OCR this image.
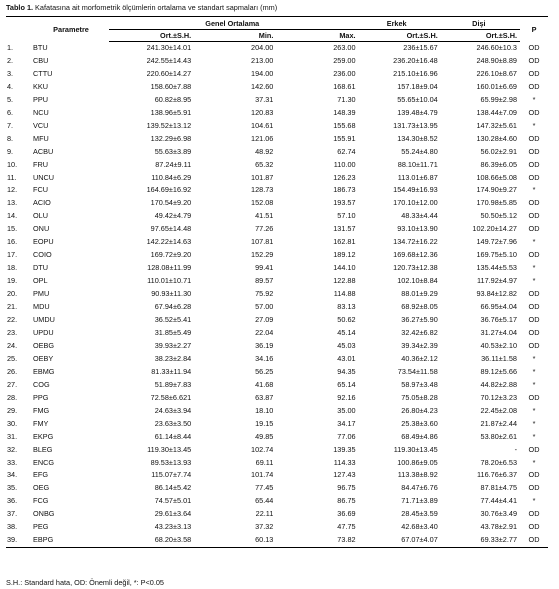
Tablo 1. Kafatasına ait morfometrik ölçümlerin ortalama ve standart sapmaları (mm)
	Parametre	Genel Ortalama			Erkek	Dişi	P
		Ort.±S.H.	Min.	Max.	Ort.±S.H.	Ort.±S.H.	
1.	BTU	241.30±14.01	204.00	263.00	236±15.67	246.60±10.3	OD
2.	CBU	242.55±14.43	213.00	259.00	236.20±16.48	248.90±8.89	OD
3.	CTTU	220.60±14.27	194.00	236.00	215.10±16.96	226.10±8.67	OD
4.	KKU	158.60±7.88	142.60	168.61	157.18±9.04	160.01±6.69	OD
5.	PPU	60.82±8.95	37.31	71.30	55.65±10.04	65.99±2.98	*
6.	NCU	138.96±5.91	120.83	148.39	139.48±4.79	138.44±7.09	OD
7.	VCU	139.52±13.12	104.61	155.68	131.73±13.95	147.32±5.61	*
8.	MFU	132.29±6.98	121.06	155.91	134.30±8.52	130.28±4.60	OD
9.	ACBU	55.63±3.89	48.92	62.74	55.24±4.80	56.02±2.91	OD
10.	FRU	87.24±9.11	65.32	110.00	88.10±11.71	86.39±6.05	OD
11.	UNCU	110.84±6.29	101.87	126.23	113.01±6.87	108.66±5.08	OD
12.	FCU	164.69±16.92	128.73	186.73	154.49±16.93	174.90±9.27	*
13.	ACIO	170.54±9.20	152.08	193.57	170.10±12.00	170.98±5.85	OD
14.	OLU	49.42±4.79	41.51	57.10	48.33±4.44	50.50±5.12	OD
15.	ONU	97.65±14.48	77.26	131.57	93.10±13.90	102.20±14.27	OD
16.	EOPU	142.22±14.63	107.81	162.81	134.72±16.22	149.72±7.96	*
17.	COIO	169.72±9.20	152.29	189.12	169.68±12.36	169.75±5.10	OD
18.	DTU	128.08±11.99	99.41	144.10	120.73±12.38	135.44±5.53	*
19.	OPL	110.01±10.71	89.57	122.88	102.10±8.84	117.92±4.97	*
20.	PMU	90.93±11.30	75.92	114.88	88.01±9.29	93.84±12.82	OD
21.	MDU	67.94±6.28	57.00	83.13	68.92±8.05	66.95±4.04	OD
22.	UMDU	36.52±5.41	27.09	50.62	36.27±5.90	36.76±5.17	OD
23.	UPDU	31.85±5.49	22.04	45.14	32.42±6.82	31.27±4.04	OD
24.	OEBG	39.93±2.27	36.19	45.03	39.34±2.39	40.53±2.10	OD
25.	OEBY	38.23±2.84	34.16	43.01	40.36±2.12	36.11±1.58	*
26.	EBMG	81.33±11.94	56.25	94.35	73.54±11.58	89.12±5.66	*
27.	COG	51.89±7.83	41.68	65.14	58.97±3.48	44.82±2.88	*
28.	PPG	72.58±6.621	63.87	92.16	75.05±8.28	70.12±3.23	OD
29.	FMG	24.63±3.94	18.10	35.00	26.80±4.23	22.45±2.08	*
30.	FMY	23.63±3.50	19.15	34.17	25.38±3.60	21.87±2.44	*
31.	EKPG	61.14±8.44	49.85	77.06	68.49±4.86	53.80±2.61	*
32.	BLEG	119.30±13.45	102.74	139.35	119.30±13.45	-	OD
33.	ENCG	89.53±13.93	69.11	114.33	100.86±9.05	78.20±6.53	*
34.	EFG	115.07±7.74	101.74	127.43	113.38±8.92	116.76±6.37	OD
35.	OEG	86.14±5.42	77.45	96.75	84.47±6.76	87.81±4.75	OD
36.	FCG	74.57±5.01	65.44	86.75	71.71±3.89	77.44±4.41	*
37.	ONBG	29.61±3.64	22.11	36.69	28.45±3.59	30.76±3.49	OD
38.	PEG	43.23±3.13	37.32	47.75	42.68±3.40	43.78±2.91	OD
39.	EBPG	68.20±3.58	60.13	73.82	67.07±4.07	69.33±2.77	OD
S.H.: Standard hata, OD: Önemli değil, *: P<0.05
